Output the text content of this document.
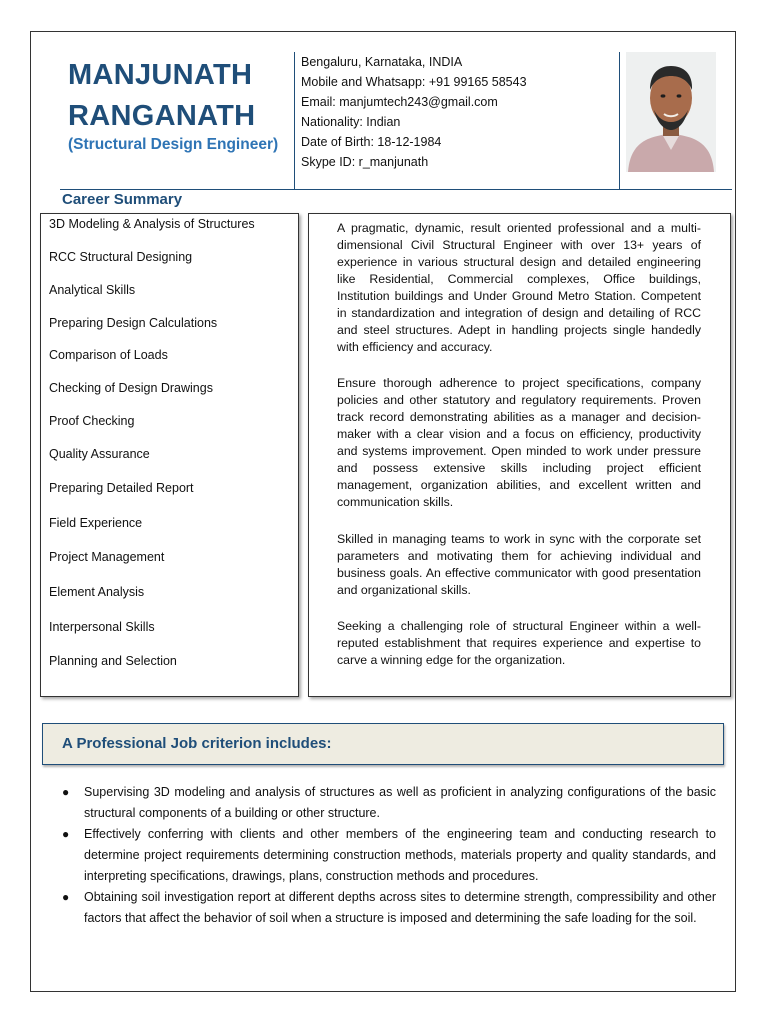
MANJUNATH
RANGANATH
(Structural Design Engineer)
Bengaluru, Karnataka, INDIA
Mobile and Whatsapp: +91 99165 58543
Email: manjumtech243@gmail.com
Nationality: Indian
Date of Birth: 18-12-1984
Skype ID: r_manjunath
Career Summary
3D Modeling & Analysis of Structures
RCC Structural Designing
Analytical Skills
Preparing Design Calculations
Comparison of Loads
Checking of Design Drawings
Proof Checking
Quality Assurance
Preparing Detailed Report
Field Experience
Project Management
Element Analysis
Interpersonal Skills
Planning and Selection

A pragmatic, dynamic, result oriented professional and a multi-dimensional Civil Structural Engineer with over 13+ years of experience in various structural design and detailed engineering like Residential, Commercial complexes, Office buildings, Institution buildings and Under Ground Metro Station. Competent in standardization and integration of design and detailing of RCC and steel structures. Adept in handling projects single handedly with efficiency and accuracy.

Ensure thorough adherence to project specifications, company policies and other statutory and regulatory requirements. Proven track record demonstrating abilities as a manager and decision-maker with a clear vision and a focus on efficiency, productivity and systems improvement. Open minded to work under pressure and possess extensive skills including project efficient management, organization abilities, and excellent written and communication skills.

Skilled in managing teams to work in sync with the corporate set parameters and motivating them for achieving individual and business goals. An effective communicator with good presentation and organizational skills.

Seeking a challenging role of structural Engineer within a well-reputed establishment that requires experience and expertise to carve a winning edge for the organization.

A Professional Job criterion includes:
● Supervising 3D modeling and analysis of structures as well as proficient in analyzing configurations of the basic structural components of a building or other structure.
● Effectively conferring with clients and other members of the engineering team and conducting research to determine project requirements determining construction methods, materials property and quality standards, and interpreting specifications, drawings, plans, construction methods and procedures.
● Obtaining soil investigation report at different depths across sites to determine strength, compressibility and other factors that affect the behavior of soil when a structure is imposed and determining the safe loading for the soil.
